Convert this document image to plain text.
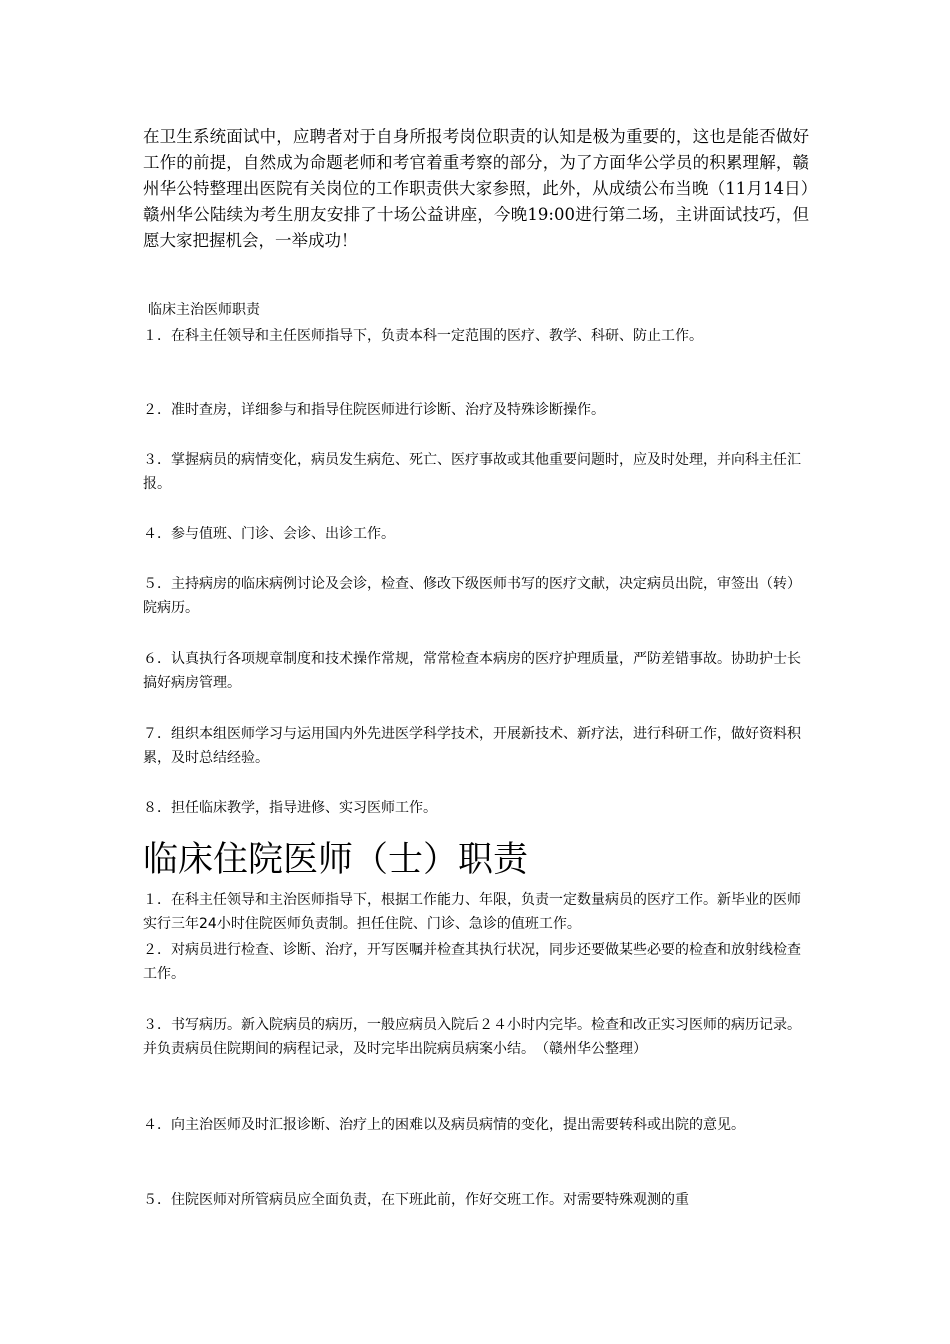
在卫生系统面试中，应聘者对于自身所报考岗位职责的认知是极为重要的，这也是能否做好工作的前提，自然成为命题老师和考官着重考察的部分，为了方面华公学员的积累理解，赣州华公特整理出医院有关岗位的工作职责供大家参照，此外，从成绩公布当晚（11月14日）赣州华公陆续为考生朋友安排了十场公益讲座，今晚19:00进行第二场，主讲面试技巧，但愿大家把握机会，一举成功！

临床主治医师职责

１．在科主任领导和主任医师指导下，负责本科一定范围的医疗、教学、科研、防止工作。

２．准时查房，详细参与和指导住院医师进行诊断、治疗及特殊诊断操作。

３．掌握病员的病情变化，病员发生病危、死亡、医疗事故或其他重要问题时，应及时处理，并向科主任汇报。

４．参与值班、门诊、会诊、出诊工作。

５．主持病房的临床病例讨论及会诊，检查、修改下级医师书写的医疗文献，决定病员出院，审签出（转）院病历。

６．认真执行各项规章制度和技术操作常规，常常检查本病房的医疗护理质量，严防差错事故。协助护士长搞好病房管理。

７．组织本组医师学习与运用国内外先进医学科学技术，开展新技术、新疗法，进行科研工作，做好资料积累，及时总结经验。

８．担任临床教学，指导进修、实习医师工作。

临床住院医师（士）职责

１．在科主任领导和主治医师指导下，根据工作能力、年限，负责一定数量病员的医疗工作。新毕业的医师实行三年24小时住院医师负责制。担任住院、门诊、急诊的值班工作。

２．对病员进行检查、诊断、治疗，开写医嘱并检查其执行状况，同步还要做某些必要的检查和放射线检查工作。

３．书写病历。新入院病员的病历，一般应病员入院后２４小时内完毕。检查和改正实习医师的病历记录。并负责病员住院期间的病程记录，及时完毕出院病员病案小结。　（赣州华公整理）

４．向主治医师及时汇报诊断、治疗上的困难以及病员病情的变化，提出需要转科或出院的意见。

５．住院医师对所管病员应全面负责，在下班此前，作好交班工作。对需要特殊观测的重
